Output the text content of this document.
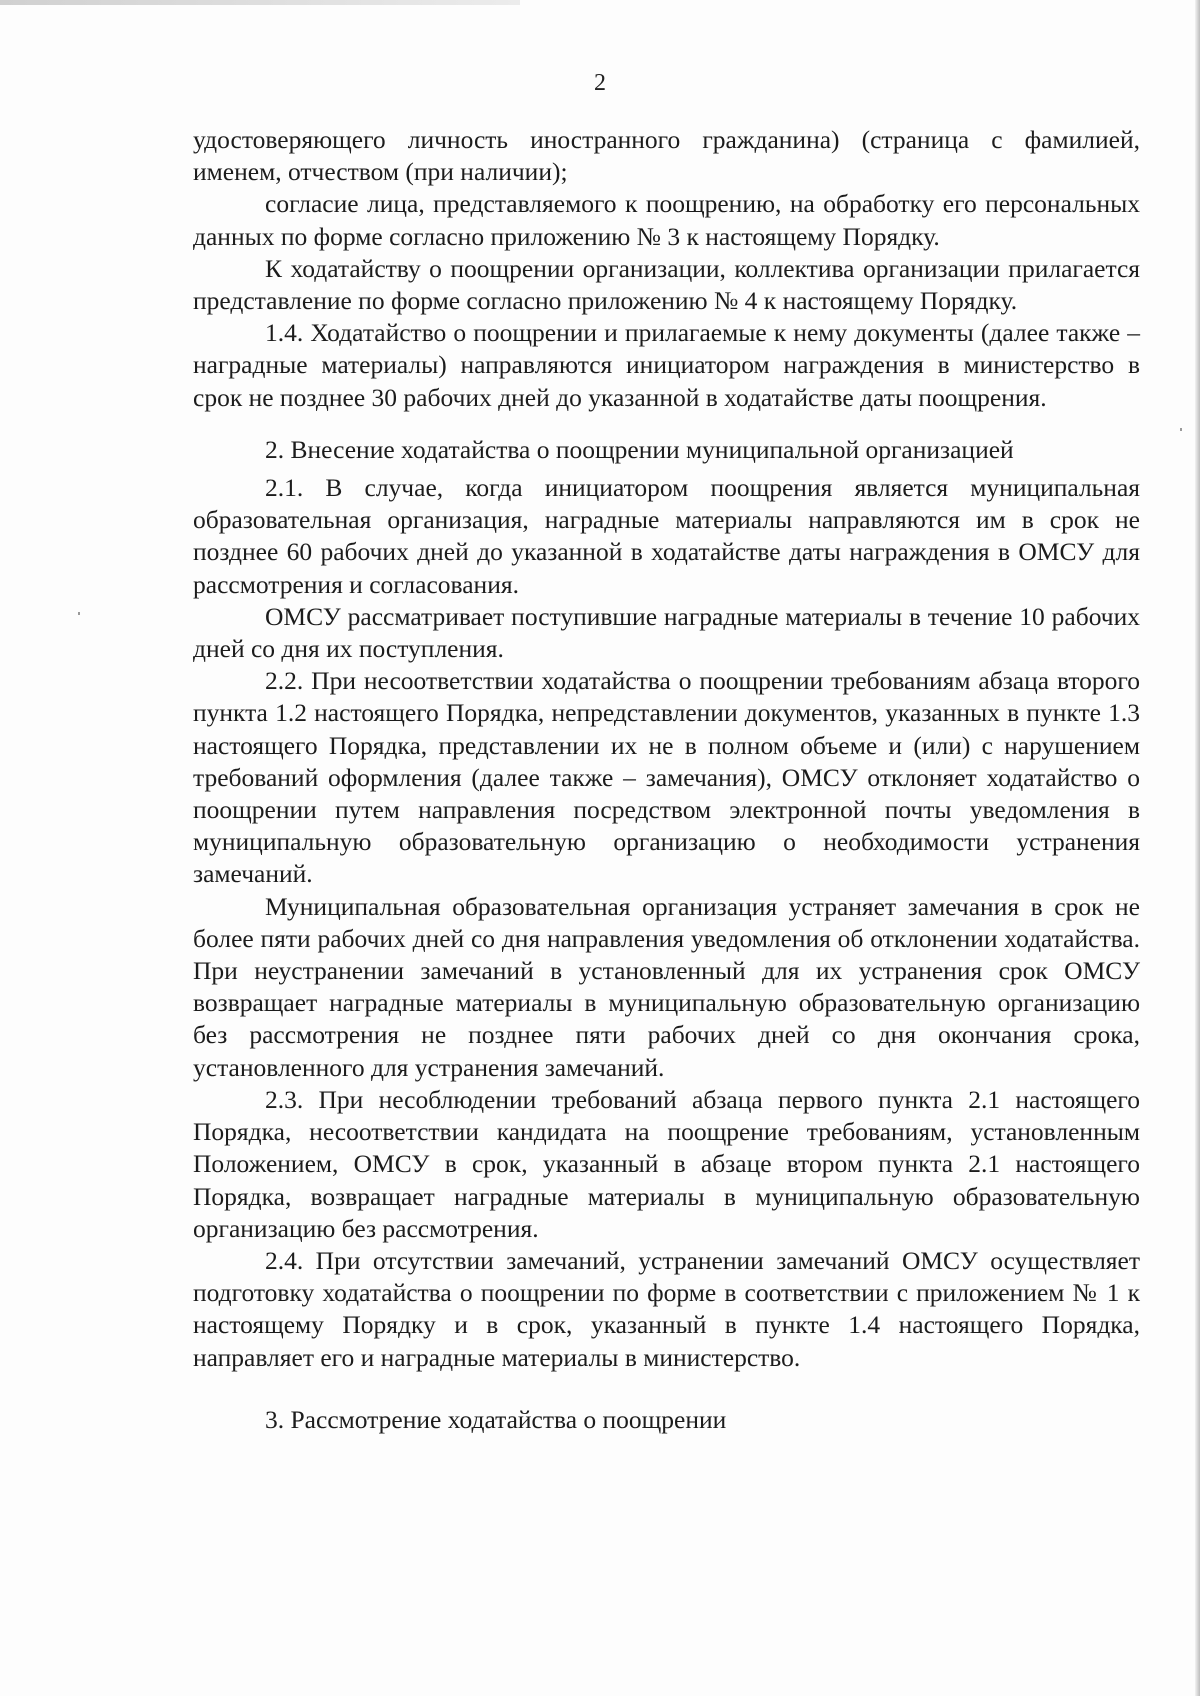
2

удостоверяющего личность иностранного гражданина) (страница с фамилией, именем, отчеством (при наличии);

согласие лица, представляемого к поощрению, на обработку его персональных данных по форме согласно приложению № 3 к настоящему Порядку.

К ходатайству о поощрении организации, коллектива организации прилагается представление по форме согласно приложению № 4 к настоящему Порядку.

1.4. Ходатайство о поощрении и прилагаемые к нему документы (далее также – наградные материалы) направляются инициатором награждения в министерство в срок не позднее 30 рабочих дней до указанной в ходатайстве даты поощрения.

2. Внесение ходатайства о поощрении муниципальной организацией

2.1. В случае, когда инициатором поощрения является муниципальная образовательная организация, наградные материалы направляются им в срок не позднее 60 рабочих дней до указанной в ходатайстве даты награждения в ОМСУ для рассмотрения и согласования.

ОМСУ рассматривает поступившие наградные материалы в течение 10 рабочих дней со дня их поступления.

2.2. При несоответствии ходатайства о поощрении требованиям абзаца второго пункта 1.2 настоящего Порядка, непредставлении документов, указанных в пункте 1.3 настоящего Порядка, представлении их не в полном объеме и (или) с нарушением требований оформления (далее также – замечания), ОМСУ отклоняет ходатайство о поощрении путем направления посредством электронной почты уведомления в муниципальную образовательную организацию о необходимости устранения замечаний.

Муниципальная образовательная организация устраняет замечания в срок не более пяти рабочих дней со дня направления уведомления об отклонении ходатайства. При неустранении замечаний в установленный для их устранения срок ОМСУ возвращает наградные материалы в муниципальную образовательную организацию без рассмотрения не позднее пяти рабочих дней со дня окончания срока, установленного для устранения замечаний.

2.3. При несоблюдении требований абзаца первого пункта 2.1 настоящего Порядка, несоответствии кандидата на поощрение требованиям, установленным Положением, ОМСУ в срок, указанный в абзаце втором пункта 2.1 настоящего Порядка, возвращает наградные материалы в муниципальную образовательную организацию без рассмотрения.

2.4. При отсутствии замечаний, устранении замечаний ОМСУ осуществляет подготовку ходатайства о поощрении по форме в соответствии с приложением № 1 к настоящему Порядку и в срок, указанный в пункте 1.4 настоящего Порядка, направляет его и наградные материалы в министерство.

3. Рассмотрение ходатайства о поощрении
